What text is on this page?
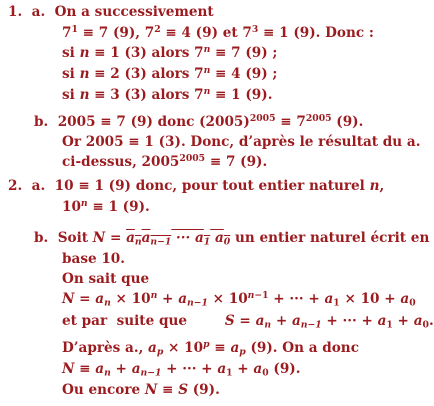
1. a.  On a successivement
$7^1 \equiv 7$ (9), $7^2 \equiv 4$ (9) et $7^3 \equiv 1$ (9). Donc :
si n ≡ 1 (3) alors $7^n \equiv 7$ (9) ;
si n ≡ 2 (3) alors $7^n \equiv 4$ (9) ;
si n ≡ 3 (3) alors $7^n \equiv 1$ (9).
b.  2005 ≡ 7 (9) donc $(2005)^{2005} \equiv 7^{2005}$ (9).
Or 2005 ≡ 1 (3). Donc, d’après le résultat du a.
ci-dessus, $2005^{2005} \equiv 7$ (9).
2. a.  10 ≡ 1 (9) donc, pour tout entier naturel n,
$10^n \equiv 1$ (9).
b.  Soit $N = a_na_{n-1}$ ··· $a_1$ $a_0$ un entier naturel écrit en
base 10.
On sait que
$N = a_n \times 10^n + a_{n-1} \times 10^{n-1}$ + ··· + $a_1 \times 10 + a_0$
et par  suite que        $S = a_n + a_{n-1}$ + ··· + $a_1 + a_0$.
D’après a., $a_p \times 10^p \equiv a_p$ (9). On a donc
$N \equiv a_n + a_{n-1}$ + ··· + $a_1 + a_0$ (9).
Ou encore N ≡ S (9).
